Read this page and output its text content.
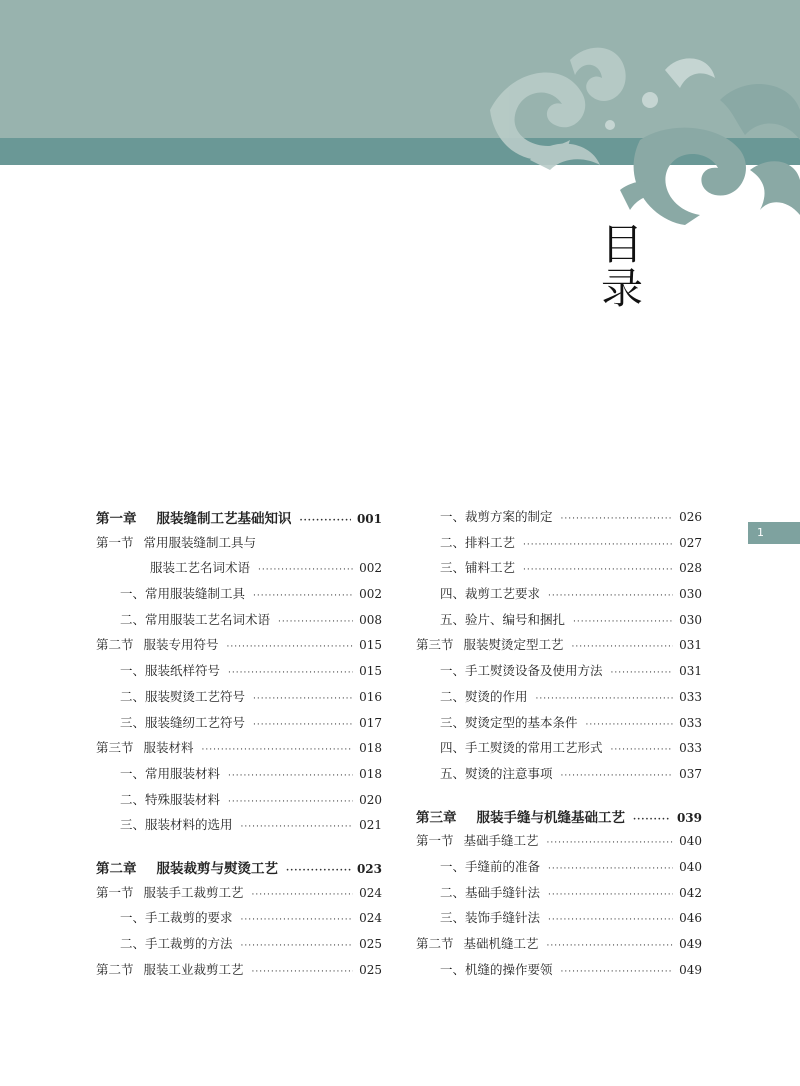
目录
1
第一章 服装缝制工艺基础知识 ·····	001
第一节 常用服装缝制工具与
服装工艺名词术语 ·····	002
一、常用服装缝制工具 ·····	002
二、常用服装工艺名词术语 ·····	008
第二节 服装专用符号 ·····	015
一、服装纸样符号 ·····	015
二、服装熨烫工艺符号 ·····	016
三、服装缝纫工艺符号 ·····	017
第三节 服装材料 ·····	018
一、常用服装材料 ·····	018
二、特殊服装材料 ·····	020
三、服装材料的选用 ·····	021
第二章 服装裁剪与熨烫工艺 ·····	023
第一节 服装手工裁剪工艺 ·····	024
一、手工裁剪的要求 ·····	024
二、手工裁剪的方法 ·····	025
第二节 服装工业裁剪工艺 ·····	025
一、裁剪方案的制定 ·····	026
二、排料工艺 ·····	027
三、铺料工艺 ·····	028
四、裁剪工艺要求 ·····	030
五、验片、编号和捆扎 ·····	030
第三节 服装熨烫定型工艺 ·····	031
一、手工熨烫设备及使用方法 ·····	031
二、熨烫的作用 ·····	033
三、熨烫定型的基本条件 ·····	033
四、手工熨烫的常用工艺形式 ·····	033
五、熨烫的注意事项 ·····	037
第三章 服装手缝与机缝基础工艺 ·····	039
第一节 基础手缝工艺 ·····	040
一、手缝前的准备 ·····	040
二、基础手缝针法 ·····	042
三、装饰手缝针法 ·····	046
第二节 基础机缝工艺 ·····	049
一、机缝的操作要领 ·····	049
